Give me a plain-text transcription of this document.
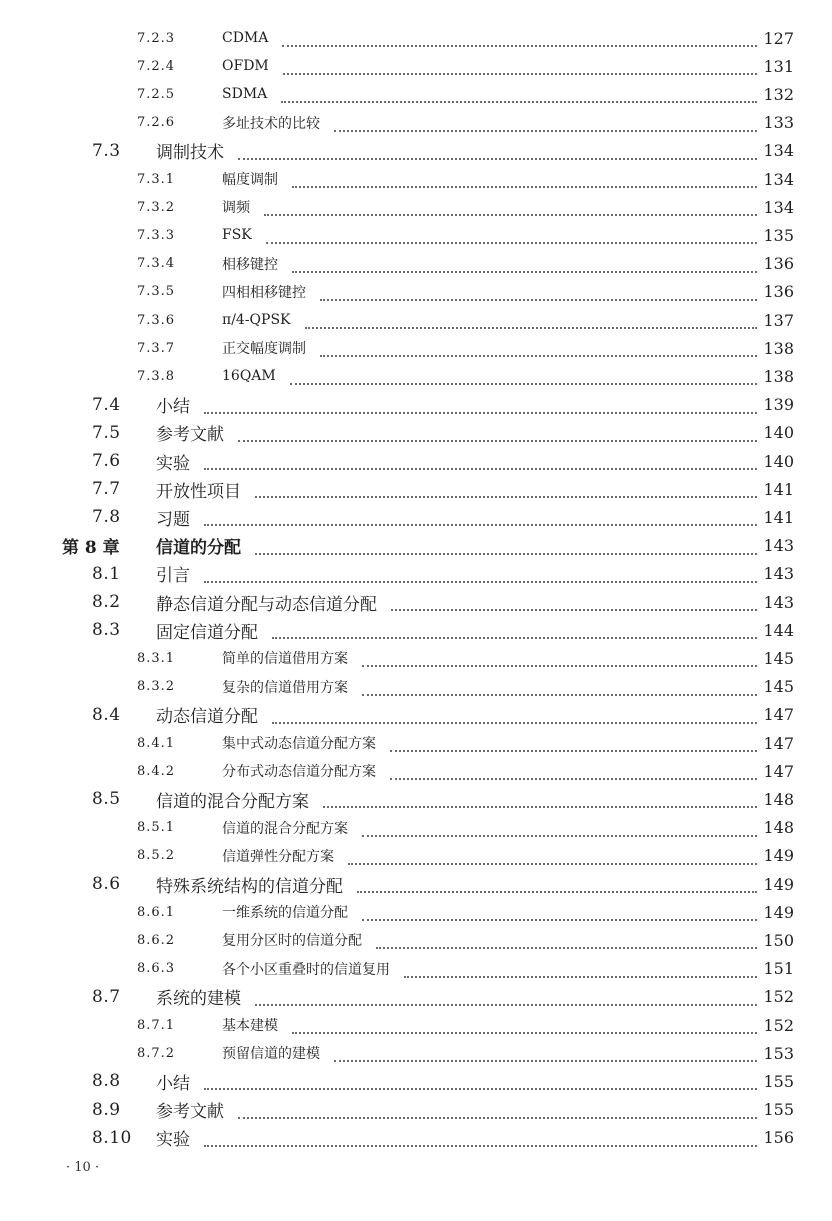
7.2.3	CDMA	127
7.2.4	OFDM	131
7.2.5	SDMA	132
7.2.6	多址技术的比较	133
7.3 调制技术	134
7.3.1	幅度调制	134
7.3.2	调频	134
7.3.3	FSK	135
7.3.4	相移键控	136
7.3.5	四相相移键控	136
7.3.6	π/4-QPSK	137
7.3.7	正交幅度调制	138
7.3.8	16QAM	138
7.4 小结	139
7.5 参考文献	140
7.6 实验	140
7.7 开放性项目	141
7.8 习题	141
第 8 章 信道的分配	143
8.1 引言	143
8.2 静态信道分配与动态信道分配	143
8.3 固定信道分配	144
8.3.1	简单的信道借用方案	145
8.3.2	复杂的信道借用方案	145
8.4 动态信道分配	147
8.4.1	集中式动态信道分配方案	147
8.4.2	分布式动态信道分配方案	147
8.5 信道的混合分配方案	148
8.5.1	信道的混合分配方案	148
8.5.2	信道弹性分配方案	149
8.6 特殊系统结构的信道分配	149
8.6.1	一维系统的信道分配	149
8.6.2	复用分区时的信道分配	150
8.6.3	各个小区重叠时的信道复用	151
8.7 系统的建模	152
8.7.1	基本建模	152
8.7.2	预留信道的建模	153
8.8 小结	155
8.9 参考文献	155
8.10 实验	156
· 10 ·
